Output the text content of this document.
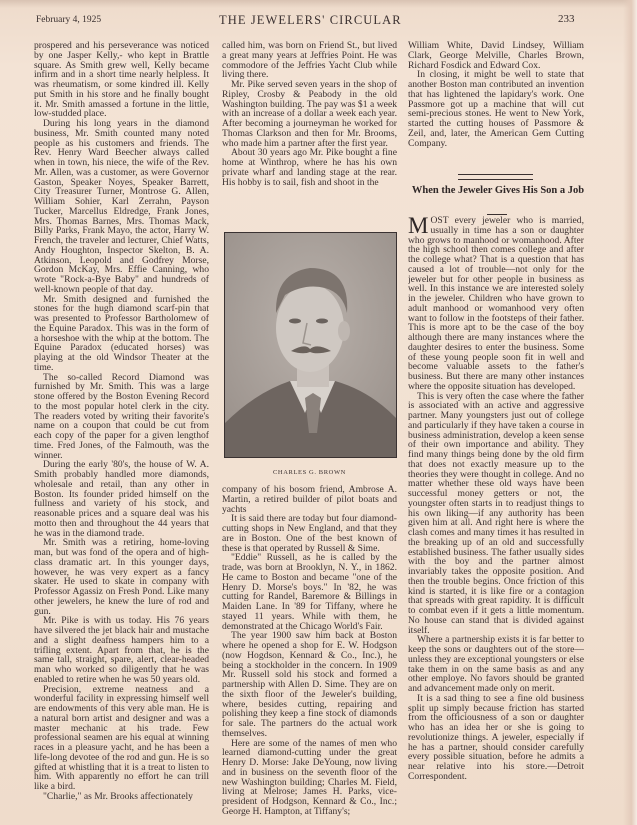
February 4, 1925	THE JEWELERS' CIRCULAR	233

prospered and his perseverance was noticed by one Jasper Kelly,- who kept in Brattle square. As Smith grew well, Kelly became infirm and in a short time nearly helpless. It was rheumatism, or some kindred ill. Kelly put Smith in his store and he finally bought it. Mr. Smith amassed a fortune in the little, low-studded place.

During his long years in the diamond business, Mr. Smith counted many noted people as his customers and friends. The Rev. Henry Ward Beecher always called when in town, his niece, the wife of the Rev. Mr. Allen, was a customer, as were Governor Gaston, Speaker Noyes, Speaker Barrett, City Treasurer Turner, Montrose G. Allen, William Sohier, Karl Zerrahn, Payson Tucker, Marcellus Eldredge, Frank Jones, Mrs. Thomas Barnes, Mrs. Thomas Mack, Billy Parks, Frank Mayo, the actor, Harry W. French, the traveler and lecturer, Chief Watts, Andy Houghton, Inspector Skelton, B. A. Atkinson, Leopold and Godfrey Morse, Gordon McKay, Mrs. Effie Canning, who wrote "Rock-a-Bye Baby" and hundreds of well-known people of that day.

Mr. Smith designed and furnished the stones for the hugh diamond scarf-pin that was presented to Professor Bartholomew of the Equine Paradox. This was in the form of a horseshoe with the whip at the bottom. The Equine Paradox (educated horses) was playing at the old Windsor Theater at the time.

The so-called Record Diamond was furnished by Mr. Smith. This was a large stone offered by the Boston Evening Record to the most popular hotel clerk in the city. The readers voted by writing their favorite's name on a coupon that could be cut from each copy of the paper for a given lengthof time. Fred Jones, of the Falmouth, was the winner.

During the early '80's, the house of W. A. Smith probably handled more diamonds, wholesale and retail, than any other in Boston. Its founder prided himself on the fullness and variety of his stock, and reasonable prices and a square deal was his motto then and throughout the 44 years that he was in the diamond trade.

Mr. Smith was a retiring, home-loving man, but was fond of the opera and of high-class dramatic art. In this younger days, however, he was very expert as a fancy skater. He used to skate in company with Professor Agassiz on Fresh Pond. Like many other jewelers, he knew the lure of rod and gun.

Mr. Pike is with us today. His 76 years have silvered the jet black hair and mustache and a slight deafness hampers him to a trifling extent. Apart from that, he is the same tall, straight, spare, alert, clear-headed man who worked so diligently that he was enabled to retire when he was 50 years old.

Precision, extreme neatness and a wonderful facility in expressing himself well are endowments of this very able man. He is a natural born artist and designer and was a master mechanic at his trade. Few professional seamen are his equal at winning races in a pleasure yacht, and he has been a life-long devotee of the rod and gun. He is so gifted at whistling that it is a treat to listen to him. With apparently no effort he can trill like a bird.

"Charlie," as Mr. Brooks affectionately

called him, was born on Friend St., but lived a great many years at Jeffries Point. He was commodore of the Jeffries Yacht Club while living there.

Mr. Pike served seven years in the shop of Ripley, Crosby & Peabody in the old Washington building. The pay was $1 a week with an increase of a dollar a week each year. After becoming a journeyman he worked for Thomas Clarkson and then for Mr. Brooms, who made him a partner after the first year.

About 30 years ago Mr. Pike bought a fine home at Winthrop, where he has his own private wharf and landing stage at the rear. His hobby is to sail, fish and shoot in the

CHARLES G. BROWN

company of his bosom friend, Ambrose A. Martin, a retired builder of pilot boats and yachts

It is said there are today but four diamond-cutting shops in New England, and that they are in Boston. One of the best known of these is that operated by Russell & Sime.

"Eddie" Russell, as he is called by the trade, was born at Brooklyn, N. Y., in 1862. He came to Boston and became "one of the Henry D. Morse's boys." In '82, he was cutting for Randel, Baremore & Billings in Maiden Lane. In '89 for Tiffany, where he stayed 11 years. While with them, he demonstrated at the Chicago World's Fair.

The year 1900 saw him back at Boston where he opened a shop for E. W. Hodgson (now Hogdson, Kennard & Co., Inc.), he being a stockholder in the concern. In 1909 Mr. Russell sold his stock and formed a partnership with Allen D. Sime. They are on the sixth floor of the Jeweler's building, where, besides cutting, repairing and polishing they keep a fine stock of diamonds for sale. The partners do the actual work themselves.

Here are some of the names of men who learned diamond-cutting under the great Henry D. Morse: Jake DeYoung, now living and in business on the seventh floor of the new Washington building; Charles M. Field, living at Melrose; James H. Parks, vice-president of Hodgson, Kennard & Co., Inc.; George H. Hampton, at Tiffany's;

William White, David Lindsey, William Clark, George Melville, Charles Brown, Richard Fosdick and Edward Cox.

In closing, it might be well to state that another Boston man contributed an invention that has lightened the lapidary's work. One Passmore got up a machine that will cut semi-precious stones. He went to New York, started the cutting houses of Passmore & Zeil, and, later, the American Gem Cutting Company.

When the Jeweler Gives His Son a Job

MOST every jeweler who is married, usually in time has a son or daughter who grows to manhood or womanhood. After the high school then comes college and after the college what? That is a question that has caused a lot of trouble—not only for the jeweler but for other people in business as well. In this instance we are interested solely in the jeweler. Children who have grown to adult manhood or womanhood very often want to follow in the footsteps of their father. This is more apt to be the case of the boy although there are many instances where the daughter desires to enter the business. Some of these young people soon fit in well and become valuable assets to the father's business. But there are many other instances where the opposite situation has developed.

This is very often the case where the father is associated with an active and aggressive partner. Many youngsters just out of college and particularly if they have taken a course in business administration, develop a keen sense of their own importance and ability. They find many things being done by the old firm that does not exactly measure up to the theories they were thought in college. And no matter whether these old ways have been successful money getters or not, the youngster often starts in to readjust things to his own liking—if any authority has been given him at all. And right here is where the clash comes and many times it has resulted in the breaking up of an old and successfully established business. The father usually sides with the boy and the partner almost invariably takes the opposite position. And then the trouble begins. Once friction of this kind is started, it is like fire or a contagion that spreads with great rapidity. It is difficult to combat even if it gets a little momentum. No house can stand that is divided against itself.

Where a partnership exists it is far better to keep the sons or daughters out of the store—unless they are exceptional youngsters or else take them in on the same basis as and any other employe. No favors should be granted and advancement made only on merit.

It is a sad thing to see a fine old business split up simply because friction has started from the officiousness of a son or daughter who has an idea her or she is going to revolutionize things. A jeweler, especially if he has a partner, should consider carefully every possible situation, before he admits a near relative into his store.—Detroit Correspondent.
